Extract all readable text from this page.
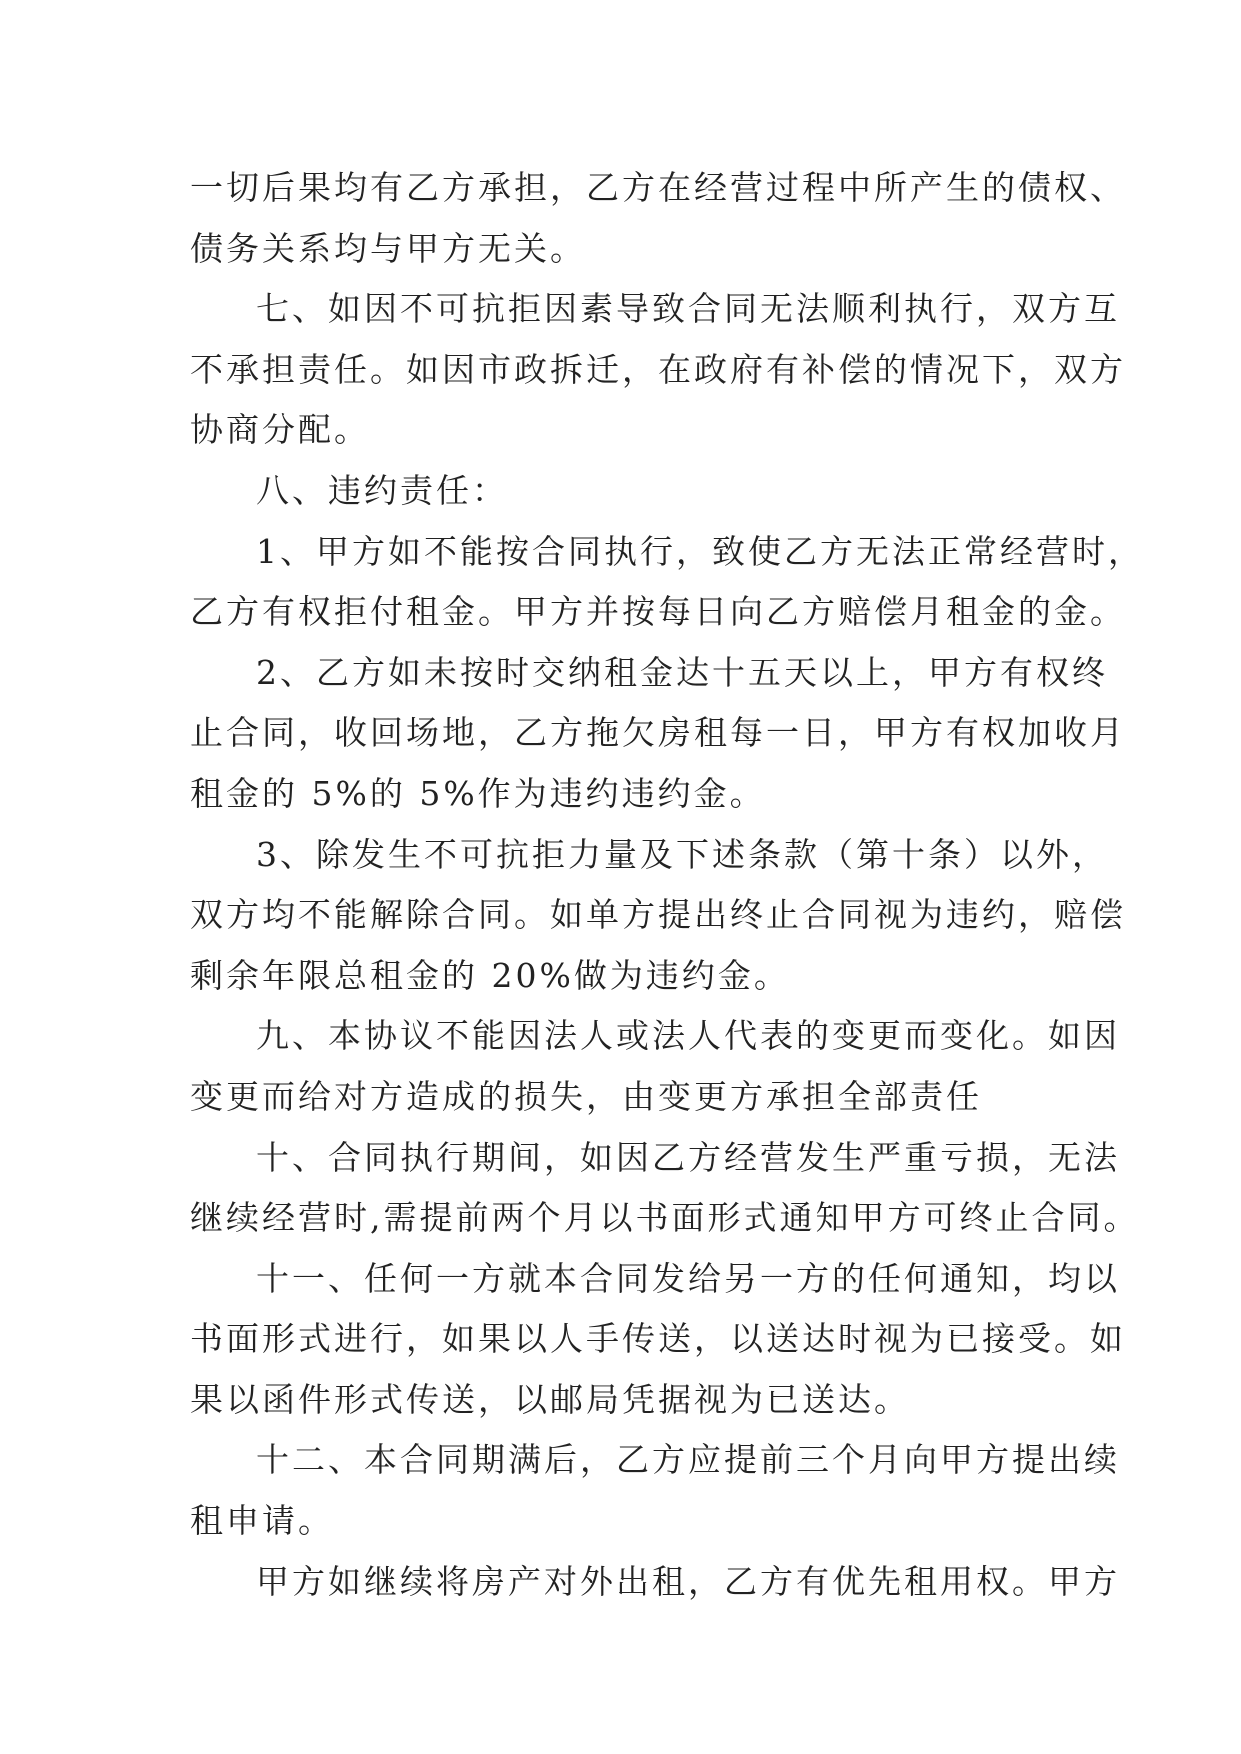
一切后果均有乙方承担，乙方在经营过程中所产生的债权、
债务关系均与甲方无关。
七、如因不可抗拒因素导致合同无法顺利执行，双方互
不承担责任。如因市政拆迁，在政府有补偿的情况下，双方
协商分配。
八、违约责任：
1、甲方如不能按合同执行，致使乙方无法正常经营时，
乙方有权拒付租金。甲方并按每日向乙方赔偿月租金的金。
2、乙方如未按时交纳租金达十五天以上，甲方有权终
止合同，收回场地，乙方拖欠房租每一日，甲方有权加收月
租金的 5%的 5%作为违约违约金。
3、除发生不可抗拒力量及下述条款（第十条）以外，
双方均不能解除合同。如单方提出终止合同视为违约，赔偿
剩余年限总租金的 20%做为违约金。
九、本协议不能因法人或法人代表的变更而变化。如因
变更而给对方造成的损失，由变更方承担全部责任
十、合同执行期间，如因乙方经营发生严重亏损，无法
继续经营时,需提前两个月以书面形式通知甲方可终止合同。
十一、任何一方就本合同发给另一方的任何通知，均以
书面形式进行，如果以人手传送，以送达时视为已接受。如
果以函件形式传送，以邮局凭据视为已送达。
十二、本合同期满后，乙方应提前三个月向甲方提出续
租申请。
甲方如继续将房产对外出租，乙方有优先租用权。甲方
